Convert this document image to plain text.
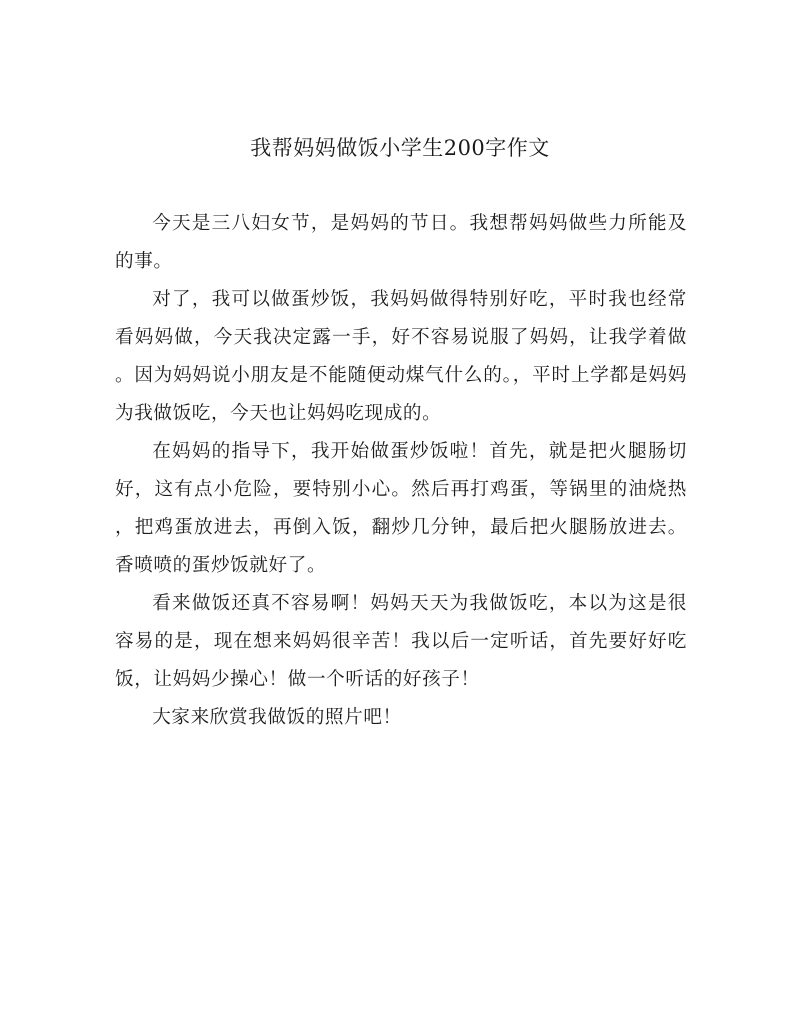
我帮妈妈做饭小学生200字作文

今天是三八妇女节，是妈妈的节日。我想帮妈妈做些力所能及的事。

对了，我可以做蛋炒饭，我妈妈做得特别好吃，平时我也经常看妈妈做，今天我决定露一手，好不容易说服了妈妈，让我学着做。因为妈妈说小朋友是不能随便动煤气什么的。，平时上学都是妈妈为我做饭吃，今天也让妈妈吃现成的。

在妈妈的指导下，我开始做蛋炒饭啦！首先，就是把火腿肠切好，这有点小危险，要特别小心。然后再打鸡蛋，等锅里的油烧热，把鸡蛋放进去，再倒入饭，翻炒几分钟，最后把火腿肠放进去。香喷喷的蛋炒饭就好了。

看来做饭还真不容易啊！妈妈天天为我做饭吃，本以为这是很容易的是，现在想来妈妈很辛苦！我以后一定听话，首先要好好吃饭，让妈妈少操心！做一个听话的好孩子！

大家来欣赏我做饭的照片吧！
